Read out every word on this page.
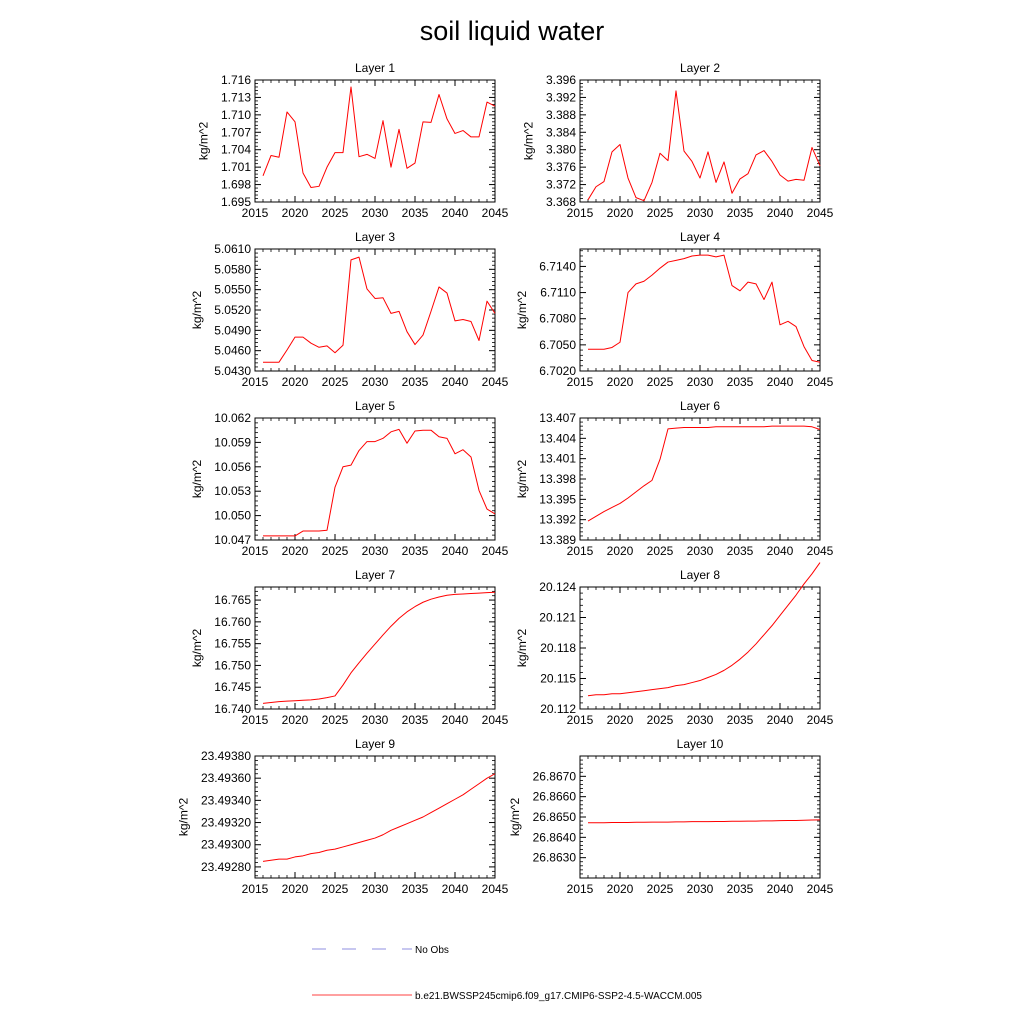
soil liquid water
Layer 1
2015 2020 2025 2030 2035 2040 2045
1.695
1.698
1.701
1.704
1.707
1.710
1.713
1.716
kg/m^2
Layer 2
2015 2020 2025 2030 2035 2040 2045
3.368
3.372
3.376
3.380
3.384
3.388
3.392
3.396
kg/m^2
Layer 3
2015 2020 2025 2030 2035 2040 2045
5.0430
5.0460
5.0490
5.0520
5.0550
5.0580
5.0610
kg/m^2
Layer 4
2015 2020 2025 2030 2035 2040 2045
6.7020
6.7050
6.7080
6.7110
6.7140
kg/m^2
Layer 5
2015 2020 2025 2030 2035 2040 2045
10.047
10.050
10.053
10.056
10.059
10.062
kg/m^2
Layer 6
2015 2020 2025 2030 2035 2040 2045
13.389
13.392
13.395
13.398
13.401
13.404
13.407
kg/m^2
Layer 7
2015 2020 2025 2030 2035 2040 2045
16.740
16.745
16.750
16.755
16.760
16.765
kg/m^2
Layer 8
2015 2020 2025 2030 2035 2040 2045
20.112
20.115
20.118
20.121
20.124
kg/m^2
Layer 9
2015 2020 2025 2030 2035 2040 2045
23.49280
23.49300
23.49320
23.49340
23.49360
23.49380
kg/m^2
Layer 10
2015 2020 2025 2030 2035 2040 2045
26.8630
26.8640
26.8650
26.8660
26.8670
kg/m^2
No Obs
b.e21.BWSSP245cmip6.f09_g17.CMIP6-SSP2-4.5-WACCM.005
